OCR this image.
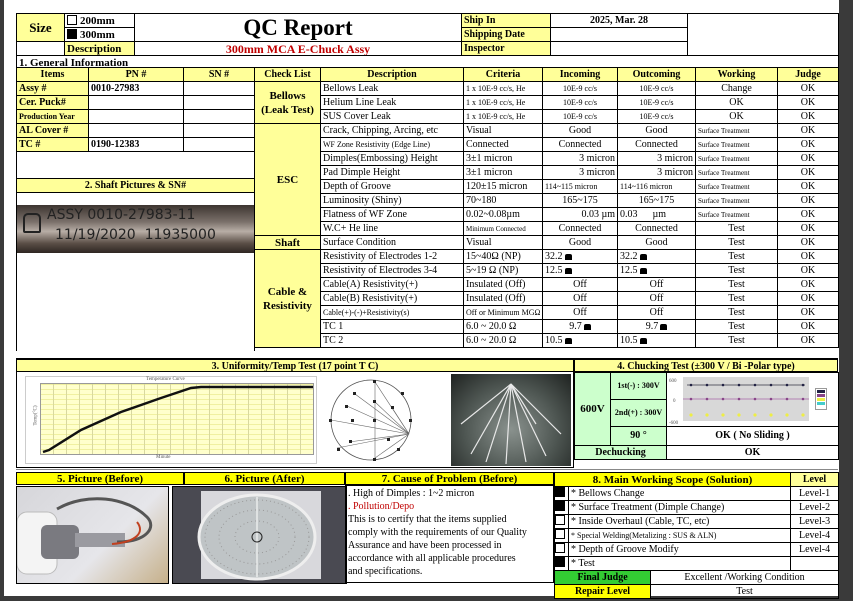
Size	200mm	QC Report	Ship In	2025, Mar. 28	
	300mm		Shipping Date		
	Description	300mm MCA E-Chuck Assy	Inspector		
1. General Information					
Items	PN #	SN #
Assy #	0010-27983	
Cer. Puck#		
Production Year		
AL Cover #		
TC #	0190-12383	

2. Shaft Pictures & SN#		

ASSY 0010-27983-11
11/19/2020  11935000		
Check List	Description	Criteria	Incoming	Outcoming	Working	Judge
Bellows (Leak Test)	Bellows Leak	1 x 10E-9 cc/s, He	10E-9 cc/s	10E-9 cc/s	Change	OK
	Helium Line Leak	1 x 10E-9 cc/s, He	10E-9 cc/s	10E-9 cc/s	OK	OK
	SUS Cover Leak	1 x 10E-9 cc/s, He	10E-9 cc/s	10E-9 cc/s	OK	OK
ESC	Crack, Chipping, Arcing, etc	Visual	Good	Good	Surface Treatment	OK
	WF Zone Resistivity (Edge Line)	Connected	Connected	Connected	Surface Treatment	OK
	Dimples(Embossing) Height	3±1 micron	3 micron	3 micron	Surface Treatment	OK
	Pad Dimple Height	3±1 micron	3 micron	3 micron	Surface Treatment	OK
	Depth of Groove	120±15 micron	114~115 micron	114~116 micron	Surface Treatment	OK
	Luminosity (Shiny)	70~180	165~175	165~175	Surface Treatment	OK
	Flatness of WF Zone	0.02~0.08µm	0.03 µm	0.03      µm	Surface Treatment	OK
	W.C+ He line	Minimum Connected	Connected	Connected	Test	OK
Shaft	Surface Condition	Visual	Good	Good	Test	OK
Cable & Resistivity	Resistivity of Electrodes 1-2	15~40Ω (NP)	32.2	32.2	Test	OK
	Resistivity of Electrodes 3-4	5~19 Ω (NP)	12.5	12.5	Test	OK
	Cable(A) Resistivity(+)	Insulated (Off)	Off	Off	Test	OK
	Cable(B) Resistivity(+)	Insulated (Off)	Off	Off	Test	OK
	Cable(+)-(-)+Resistivity(s)	Off or Minimum MGΩ	Off	Off	Test	OK
	TC 1	6.0 ~ 20.0 Ω	9.7	9.7	Test	OK
	TC 2	6.0 ~ 20.0 Ω	10.5	10.5	Test	OK
3. Uniformity/Temp Test (17 point T C)
Temperature Curve
Minute
Temp(°C)
4. Chucking Test (±300 V / Bi -Polar type)
600V	1st(-) : 300V	600
0
-600

	2nd(+) : 300V	
	90 °	OK ( No Sliding )
Dechucking		OK
5. Picture (Before)	6. Picture (After)	7. Cause of Problem (Before)
. High of Dimples : 1~2 micron
. Pollution/Depo
This is to certify that the items supplied
comply with the requirements of our Quality
Assurance and have been processed in
accordance with all applicable procedures
and specifications.
8. Main Working Scope (Solution)			Level
	* Bellows Change		Level-1
	* Surface Treatment (Dimple Change)		Level-2
	* Inside Overhaul (Cable, TC, etc)		Level-3
	* Special Welding(Metalizing : SUS & ALN)		Level-4
	* Depth of Groove Modify		Level-4
	* Test		
Final Judge		Excellent /Working Condition	
Repair Level		Test	
